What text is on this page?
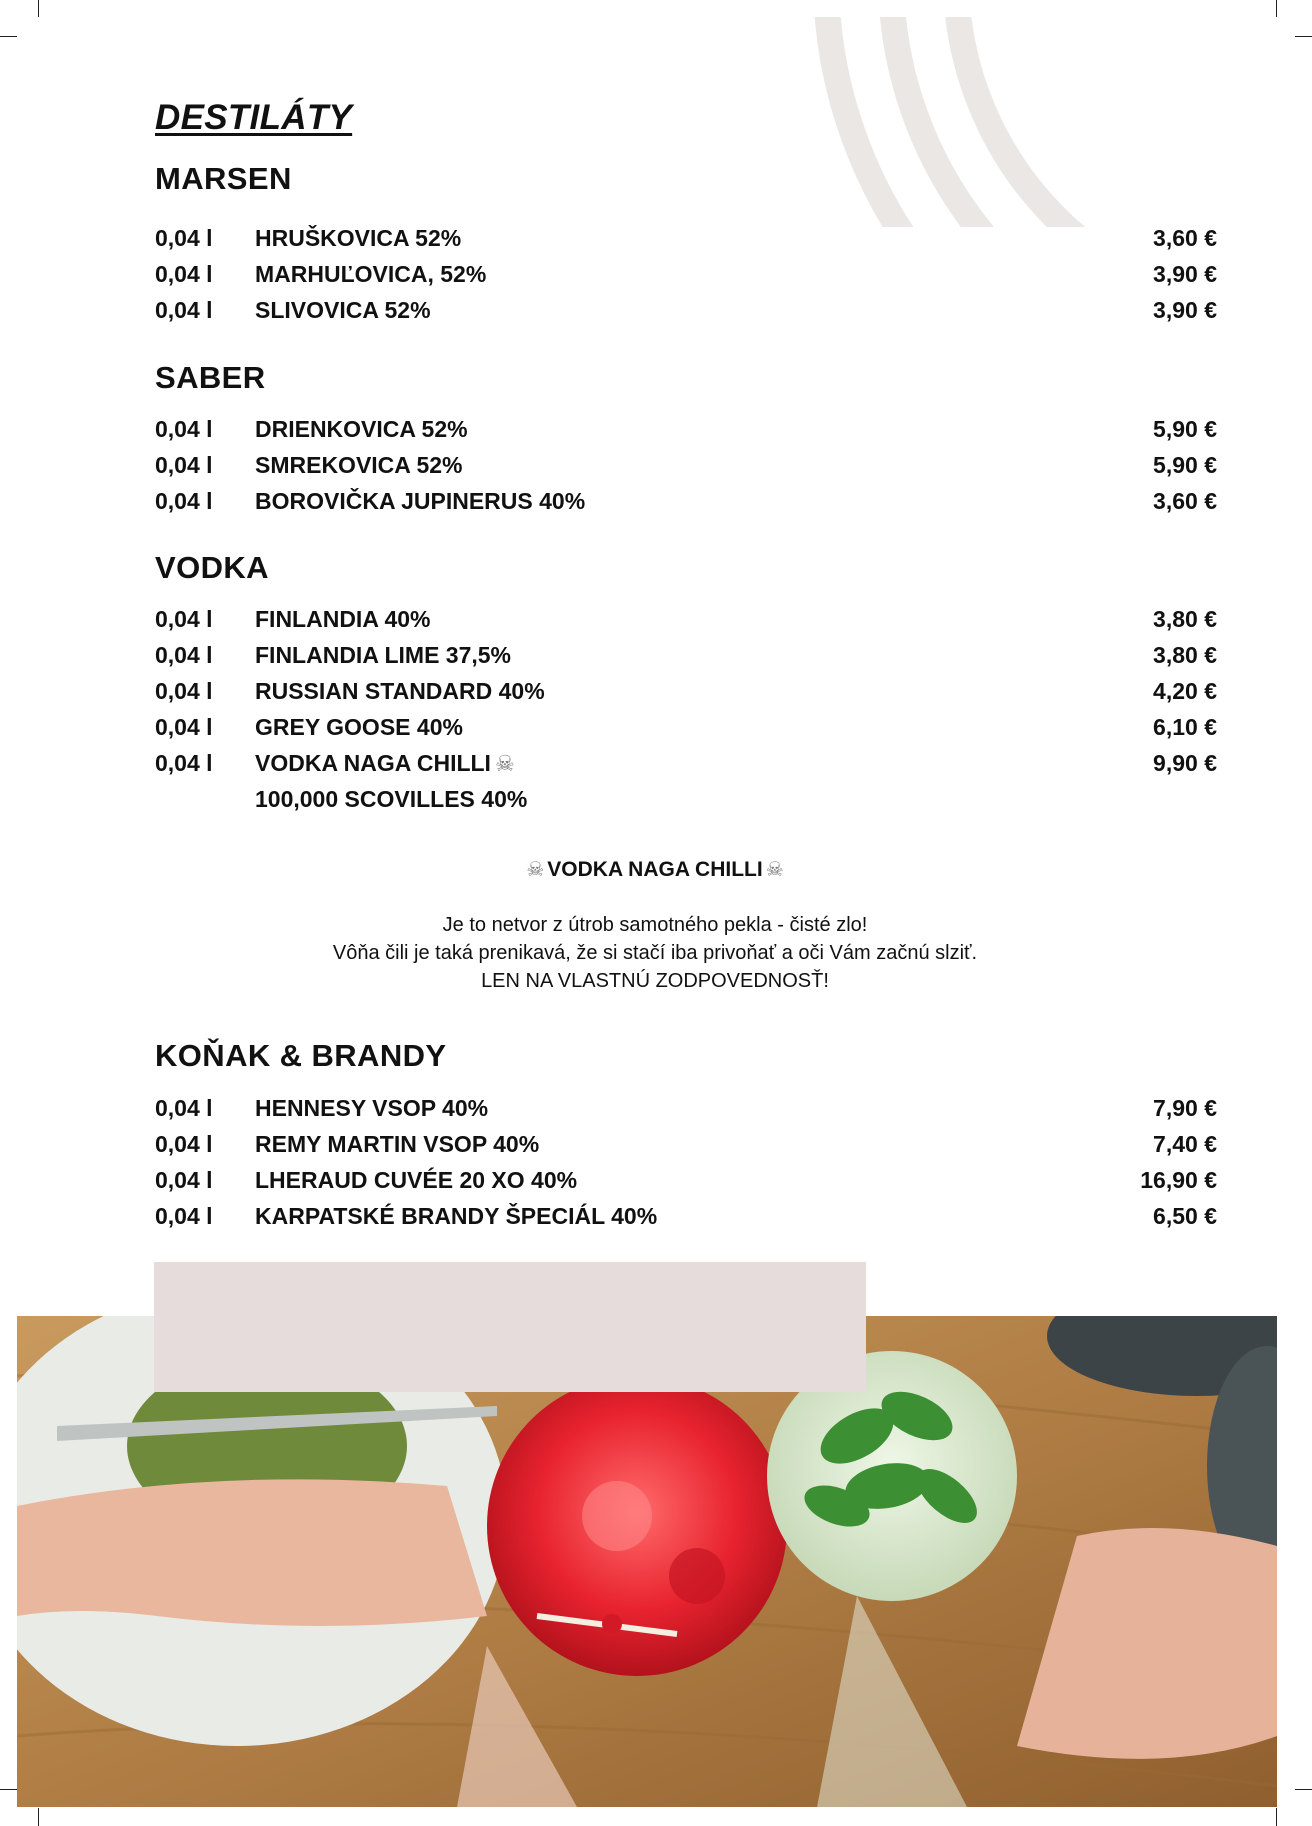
DESTILÁTY
MARSEN
0,04 l HRUŠKOVICA 52%	3,60 €
0,04 l MARHUĽOVICA, 52%	3,90 €
0,04 l SLIVOVICA 52%	3,90 €
SABER
0,04 l DRIENKOVICA 52%	5,90 €
0,04 l SMREKOVICA 52%	5,90 €
0,04 l BOROVIČKA JUPINERUS 40%	3,60 €
VODKA
0,04 l FINLANDIA 40%	3,80 €
0,04 l FINLANDIA LIME 37,5%	3,80 €
0,04 l RUSSIAN STANDARD 40%	4,20 €
0,04 l GREY GOOSE 40%	6,10 €
0,04 l VODKA NAGA CHILLI ☠	9,90 €
100,000 SCOVILLES 40%
☠ VODKA NAGA CHILLI ☠
Je to netvor z útrob samotného pekla - čisté zlo!
Vôňa čili je taká prenikavá, že si stačí iba privoňať a oči Vám začnú slziť.
LEN NA VLASTNÚ ZODPOVEDNOSŤ!
KOŇAK & BRANDY
0,04 l HENNESY VSOP 40%	7,90 €
0,04 l REMY MARTIN VSOP 40%	7,40 €
0,04 l LHERAUD CUVÉE 20 XO 40%	16,90 €
0,04 l KARPATSKÉ BRANDY ŠPECIÁL 40%	6,50 €
